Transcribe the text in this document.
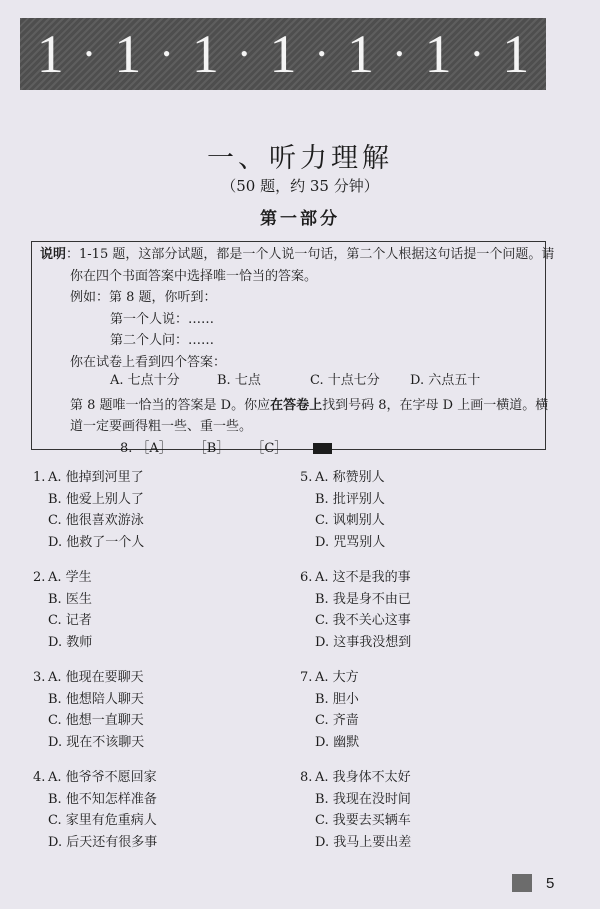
1 • 1 • 1 • 1 • 1 • 1 • 1
一、听力理解
（50 题，约 35 分钟）
第一部分
说明：1-15 题，这部分试题，都是一个人说一句话，第二个人根据这句话提一个问题。请
你在四个书面答案中选择唯一恰当的答案。
例如：第 8 题，你听到：
第一个人说：……
第二个人问：……
你在试卷上看到四个答案：
A. 七点十分	B. 七点	C. 十点七分 D. 六点五十
第 8 题唯一恰当的答案是 D。你应在答卷上找到号码 8，在字母 D 上画一横道。横
道一定要画得粗一些、重一些。
8. ［A］ ［B］ ［C］
1. A. 他掉到河里了
B. 他爱上别人了
C. 他很喜欢游泳
D. 他救了一个人
2. A. 学生
B. 医生
C. 记者
D. 教师
3. A. 他现在要聊天
B. 他想陪人聊天
C. 他想一直聊天
D. 现在不该聊天
4. A. 他爷爷不愿回家
B. 他不知怎样准备
C. 家里有危重病人
D. 后天还有很多事
5. A. 称赞别人
B. 批评别人
C. 讽刺别人
D. 咒骂别人
6. A. 这不是我的事
B. 我是身不由已
C. 我不关心这事
D. 这事我没想到
7. A. 大方
B. 胆小
C. 齐啬
D. 幽默
8. A. 我身体不太好
B. 我现在没时间
C. 我要去买辆车
D. 我马上要出差
5
